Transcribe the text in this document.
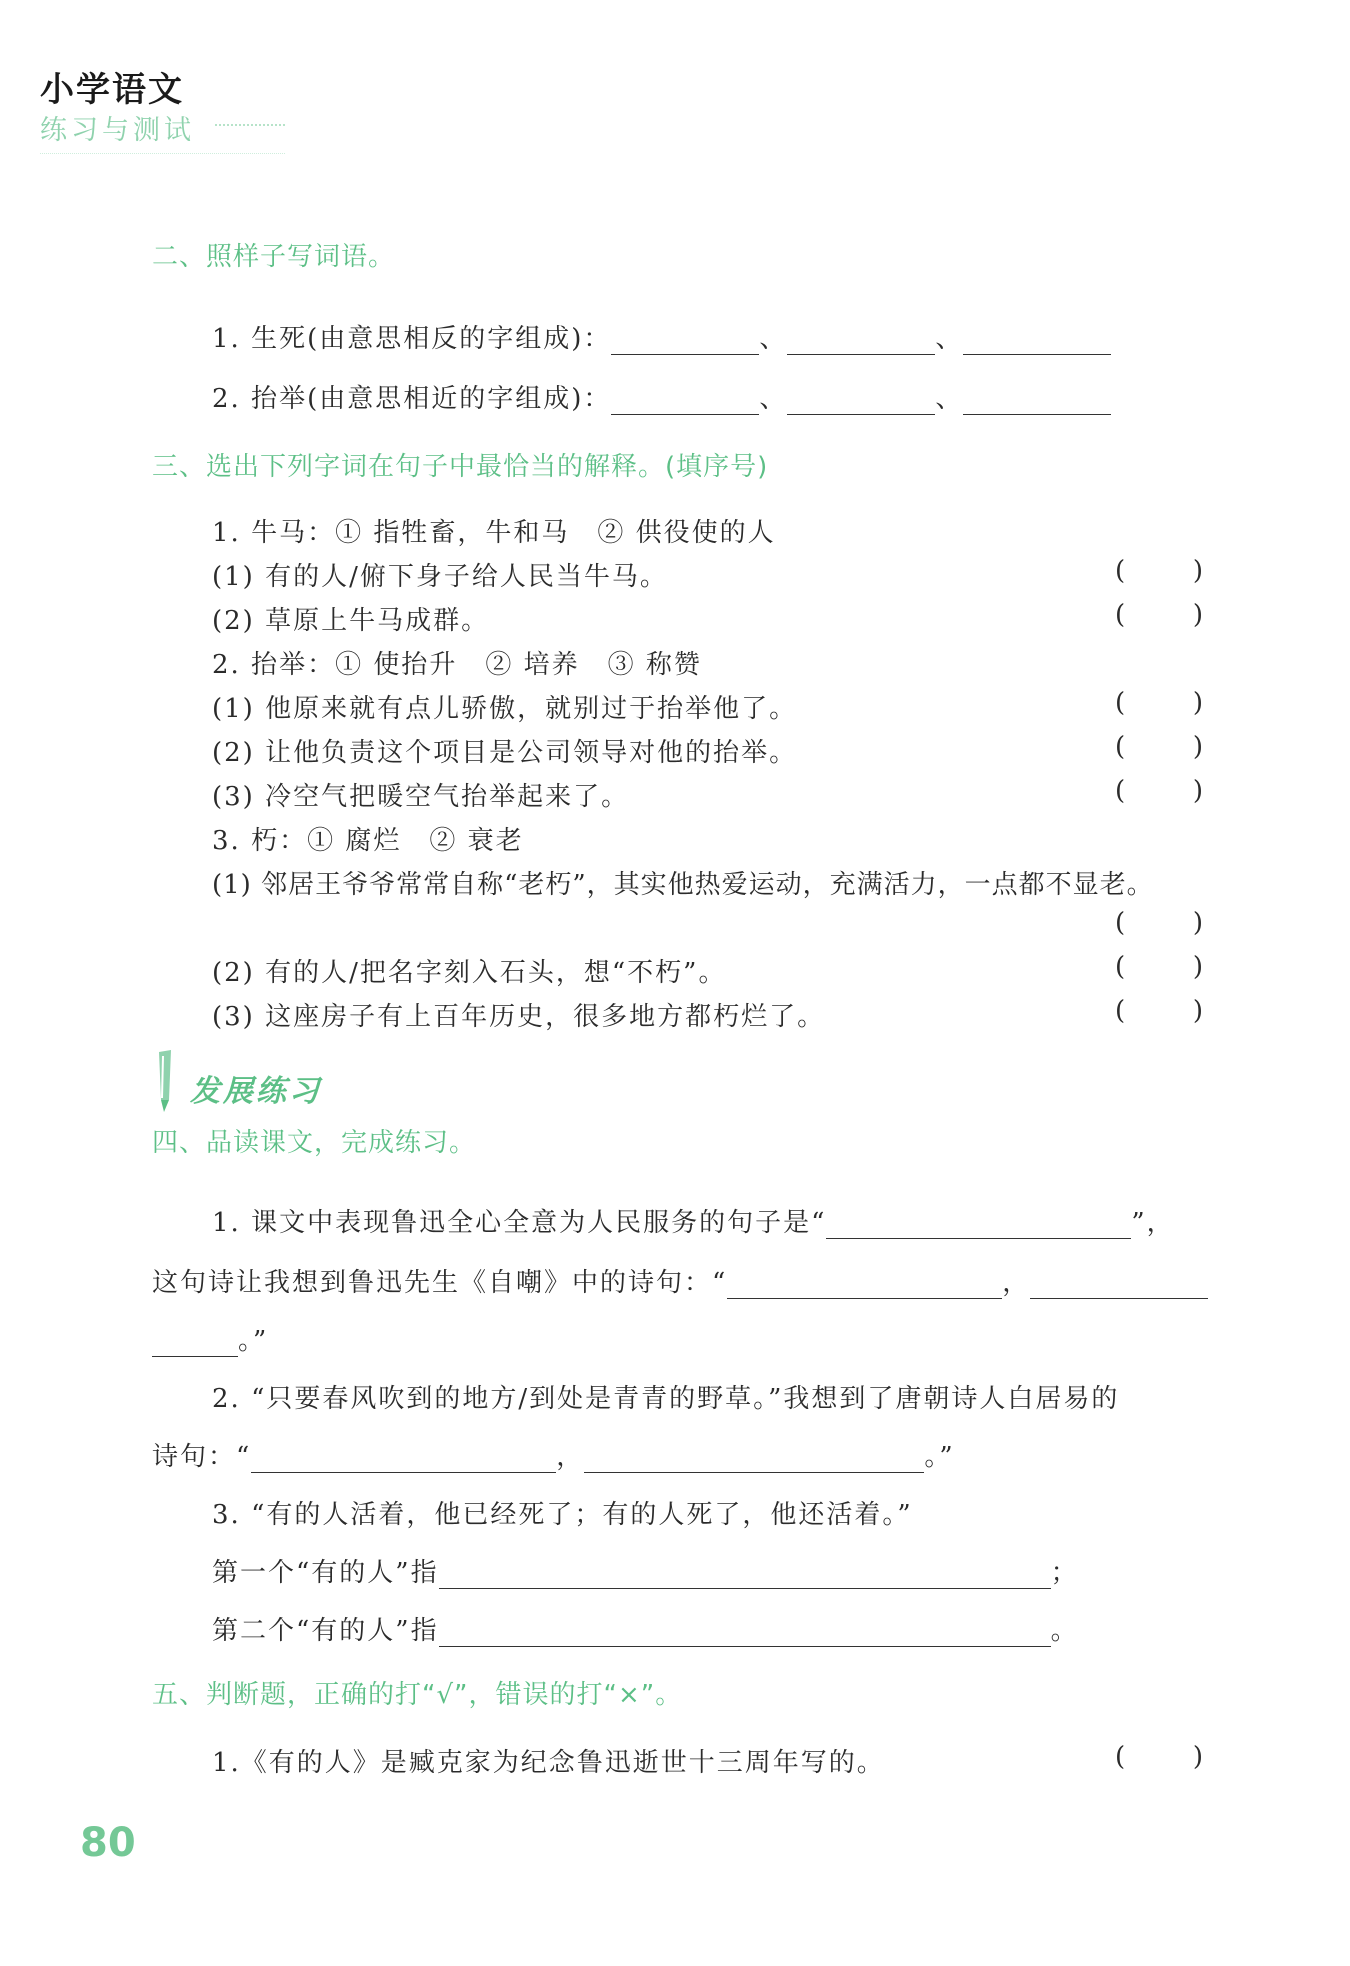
小学语文
练习与测试
二、照样子写词语。
1. 生死(由意思相反的字组成)：	、	、
2. 抬举(由意思相近的字组成)：	、	、
三、选出下列字词在句子中最恰当的解释。(填序号)
1. 牛马：① 指牲畜，牛和马　② 供役使的人
(1) 有的人/俯下身子给人民当牛马。	(	)
(2) 草原上牛马成群。	(	)
2. 抬举：① 使抬升　② 培养　③ 称赞
(1) 他原来就有点儿骄傲，就别过于抬举他了。	(	)
(2) 让他负责这个项目是公司领导对他的抬举。	(	)
(3) 冷空气把暖空气抬举起来了。	(	)
3. 朽：① 腐烂　② 衰老
(1) 邻居王爷爷常常自称“老朽”，其实他热爱运动，充满活力，一点都不显老。
(	)
(2) 有的人/把名字刻入石头，想“不朽”。	(	)
(3) 这座房子有上百年历史，很多地方都朽烂了。	(	)
发展练习
四、品读课文，完成练习。
1. 课文中表现鲁迅全心全意为人民服务的句子是“	”，
这句诗让我想到鲁迅先生《自嘲》中的诗句：“	，
。”
2. “只要春风吹到的地方/到处是青青的野草。”我想到了唐朝诗人白居易的
诗句：“	，	。”
3. “有的人活着，他已经死了；有的人死了，他还活着。”
第一个“有的人”指	；
第二个“有的人”指	。
五、判断题，正确的打“√”，错误的打“×”。
1.《有的人》是臧克家为纪念鲁迅逝世十三周年写的。	(	)
80
